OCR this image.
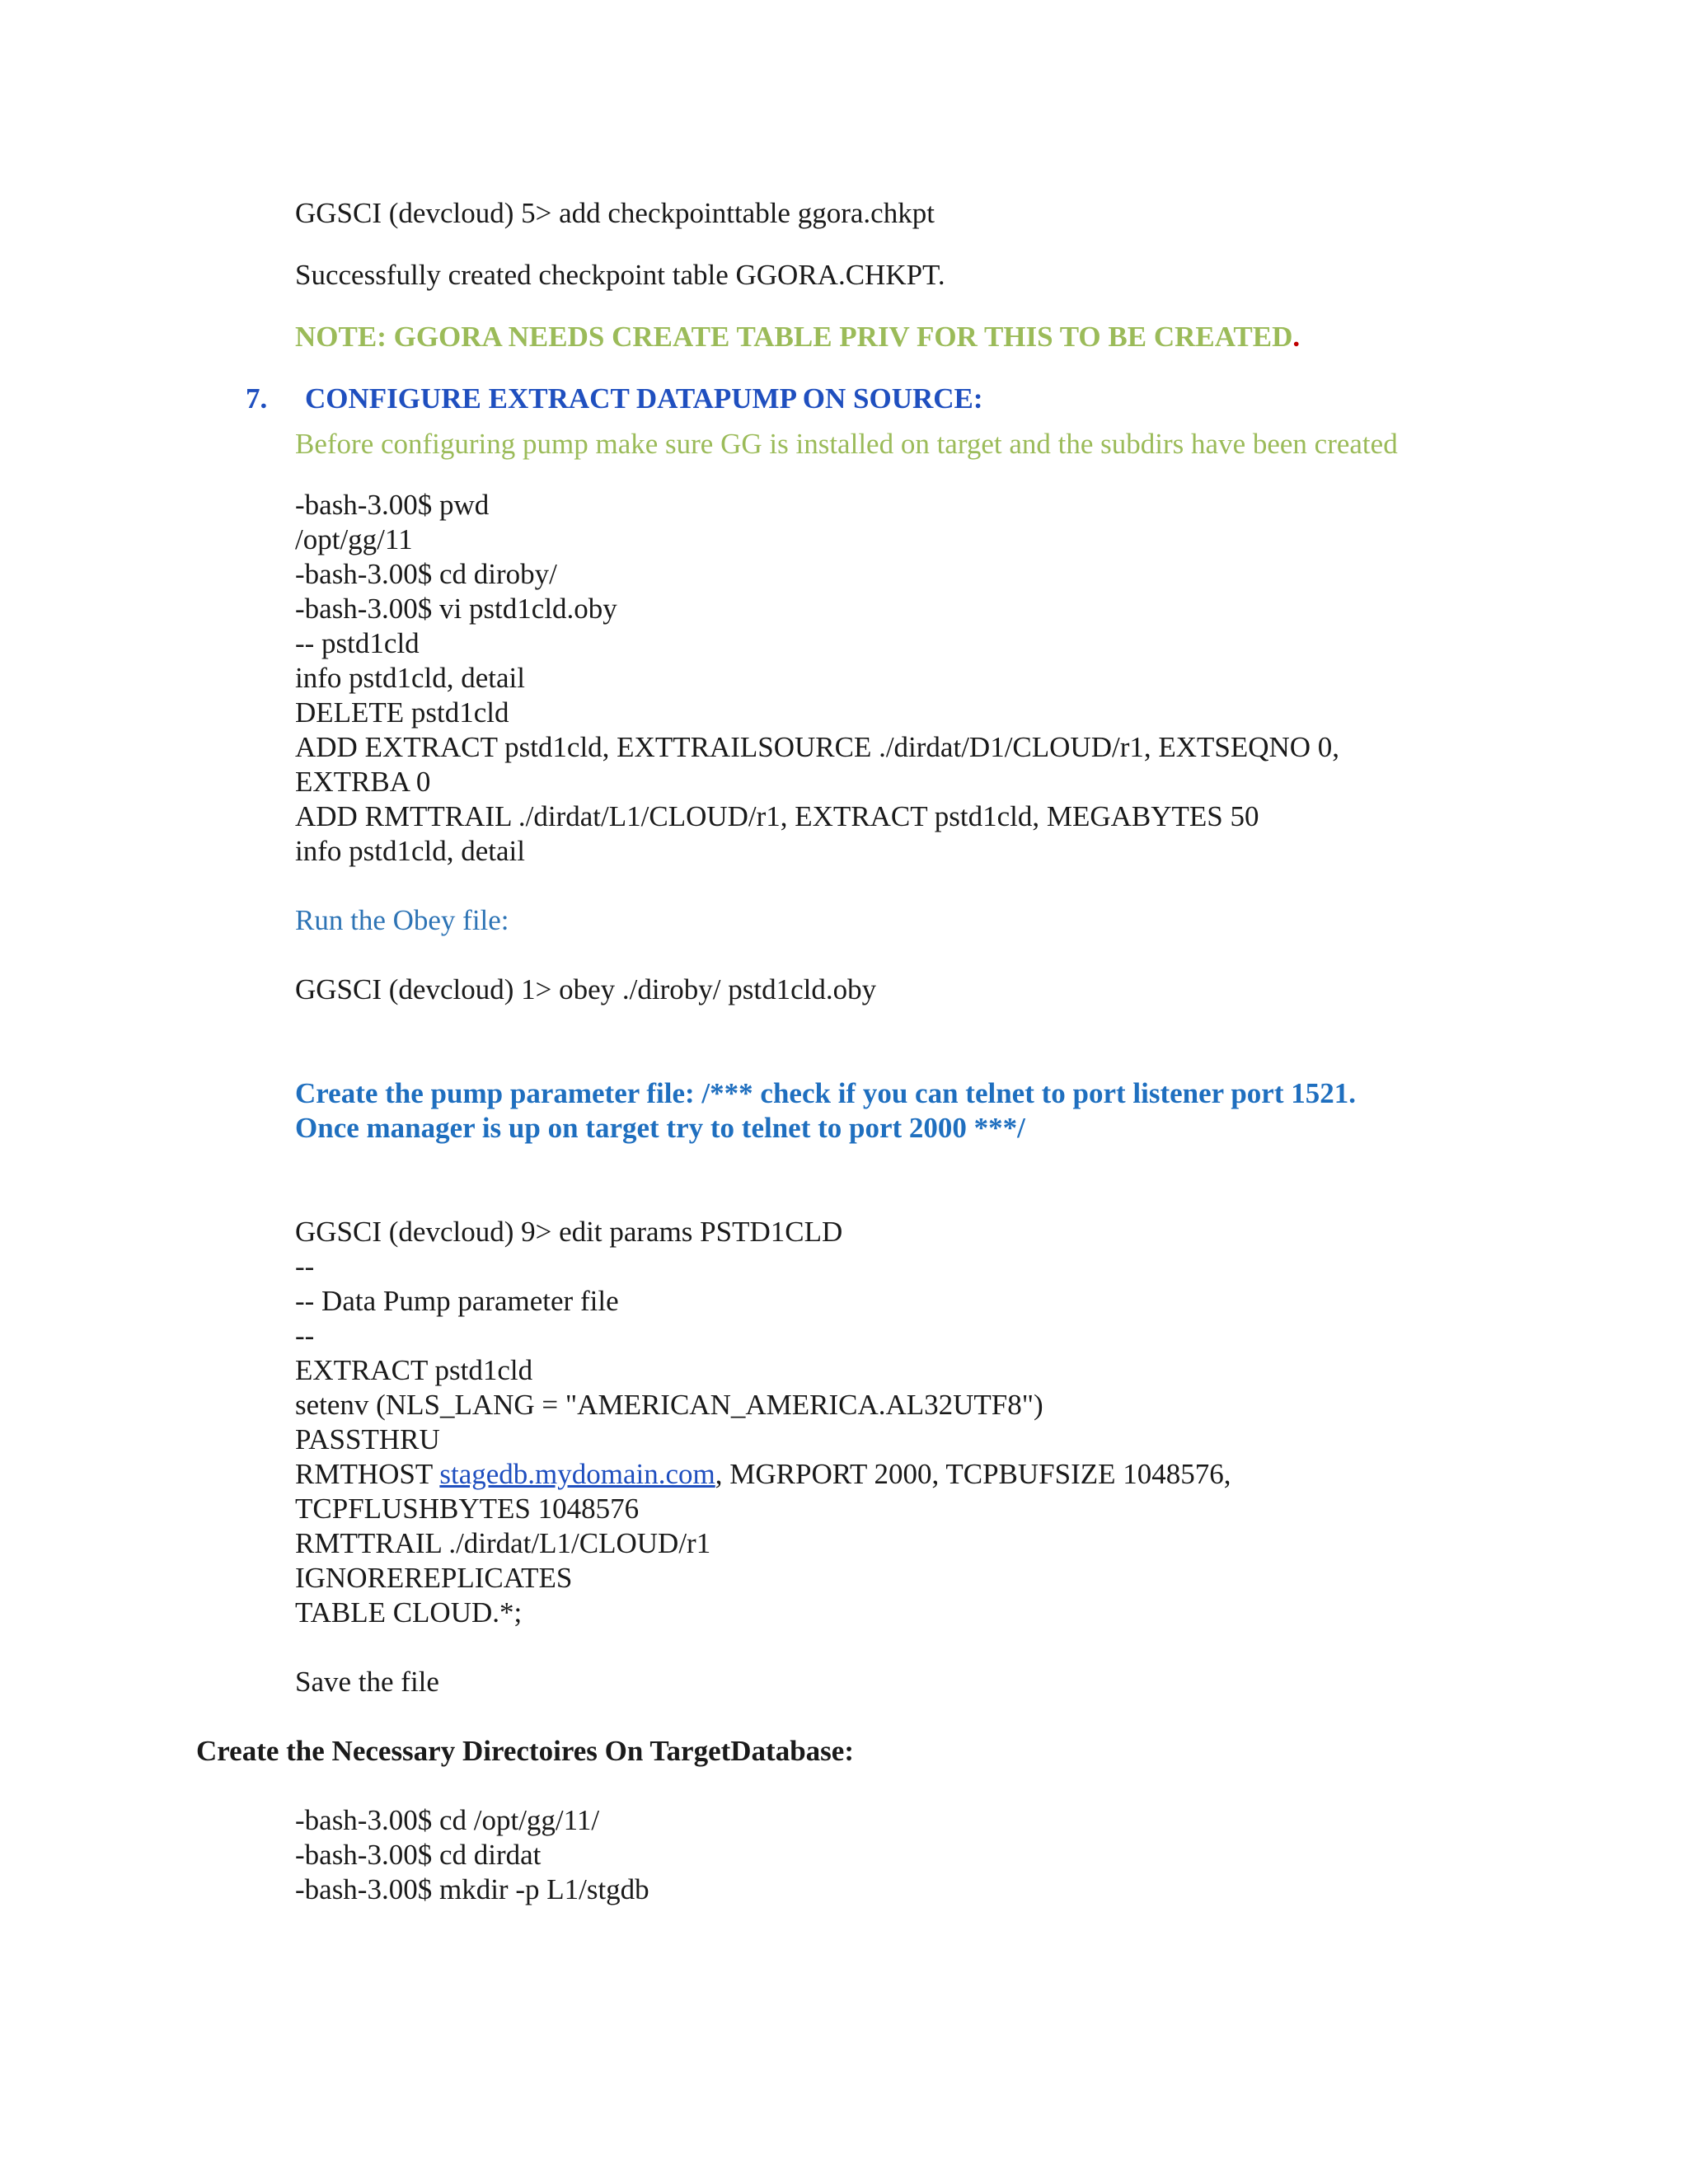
GGSCI (devcloud) 5> add checkpointtable ggora.chkpt
Successfully created checkpoint table GGORA.CHKPT.
NOTE: GGORA NEEDS CREATE TABLE PRIV FOR THIS TO BE CREATED.
7. CONFIGURE EXTRACT DATAPUMP ON SOURCE:
Before configuring pump make sure GG is installed on target and the subdirs have been created
-bash-3.00$ pwd
/opt/gg/11
-bash-3.00$ cd diroby/
-bash-3.00$ vi pstd1cld.oby
-- pstd1cld
info pstd1cld, detail
DELETE pstd1cld
ADD EXTRACT pstd1cld, EXTTRAILSOURCE ./dirdat/D1/CLOUD/r1, EXTSEQNO 0,
EXTRBA 0
ADD RMTTRAIL ./dirdat/L1/CLOUD/r1, EXTRACT pstd1cld, MEGABYTES 50
info pstd1cld, detail
Run the Obey file:
GGSCI (devcloud) 1> obey ./diroby/ pstd1cld.oby
Create the pump parameter file: /*** check if you can telnet to port listener port 1521.
Once manager is up on target try to telnet to port 2000 ***/
GGSCI (devcloud) 9> edit params PSTD1CLD
--
-- Data Pump parameter file
--
EXTRACT pstd1cld
setenv (NLS_LANG = "AMERICAN_AMERICA.AL32UTF8")
PASSTHRU
RMTHOST stagedb.mydomain.com, MGRPORT 2000, TCPBUFSIZE 1048576,
TCPFLUSHBYTES 1048576
RMTTRAIL ./dirdat/L1/CLOUD/r1
IGNOREREPLICATES
TABLE CLOUD.*;
Save the file
Create the Necessary Directoires On TargetDatabase:
-bash-3.00$ cd /opt/gg/11/
-bash-3.00$ cd dirdat
-bash-3.00$ mkdir -p L1/stgdb
